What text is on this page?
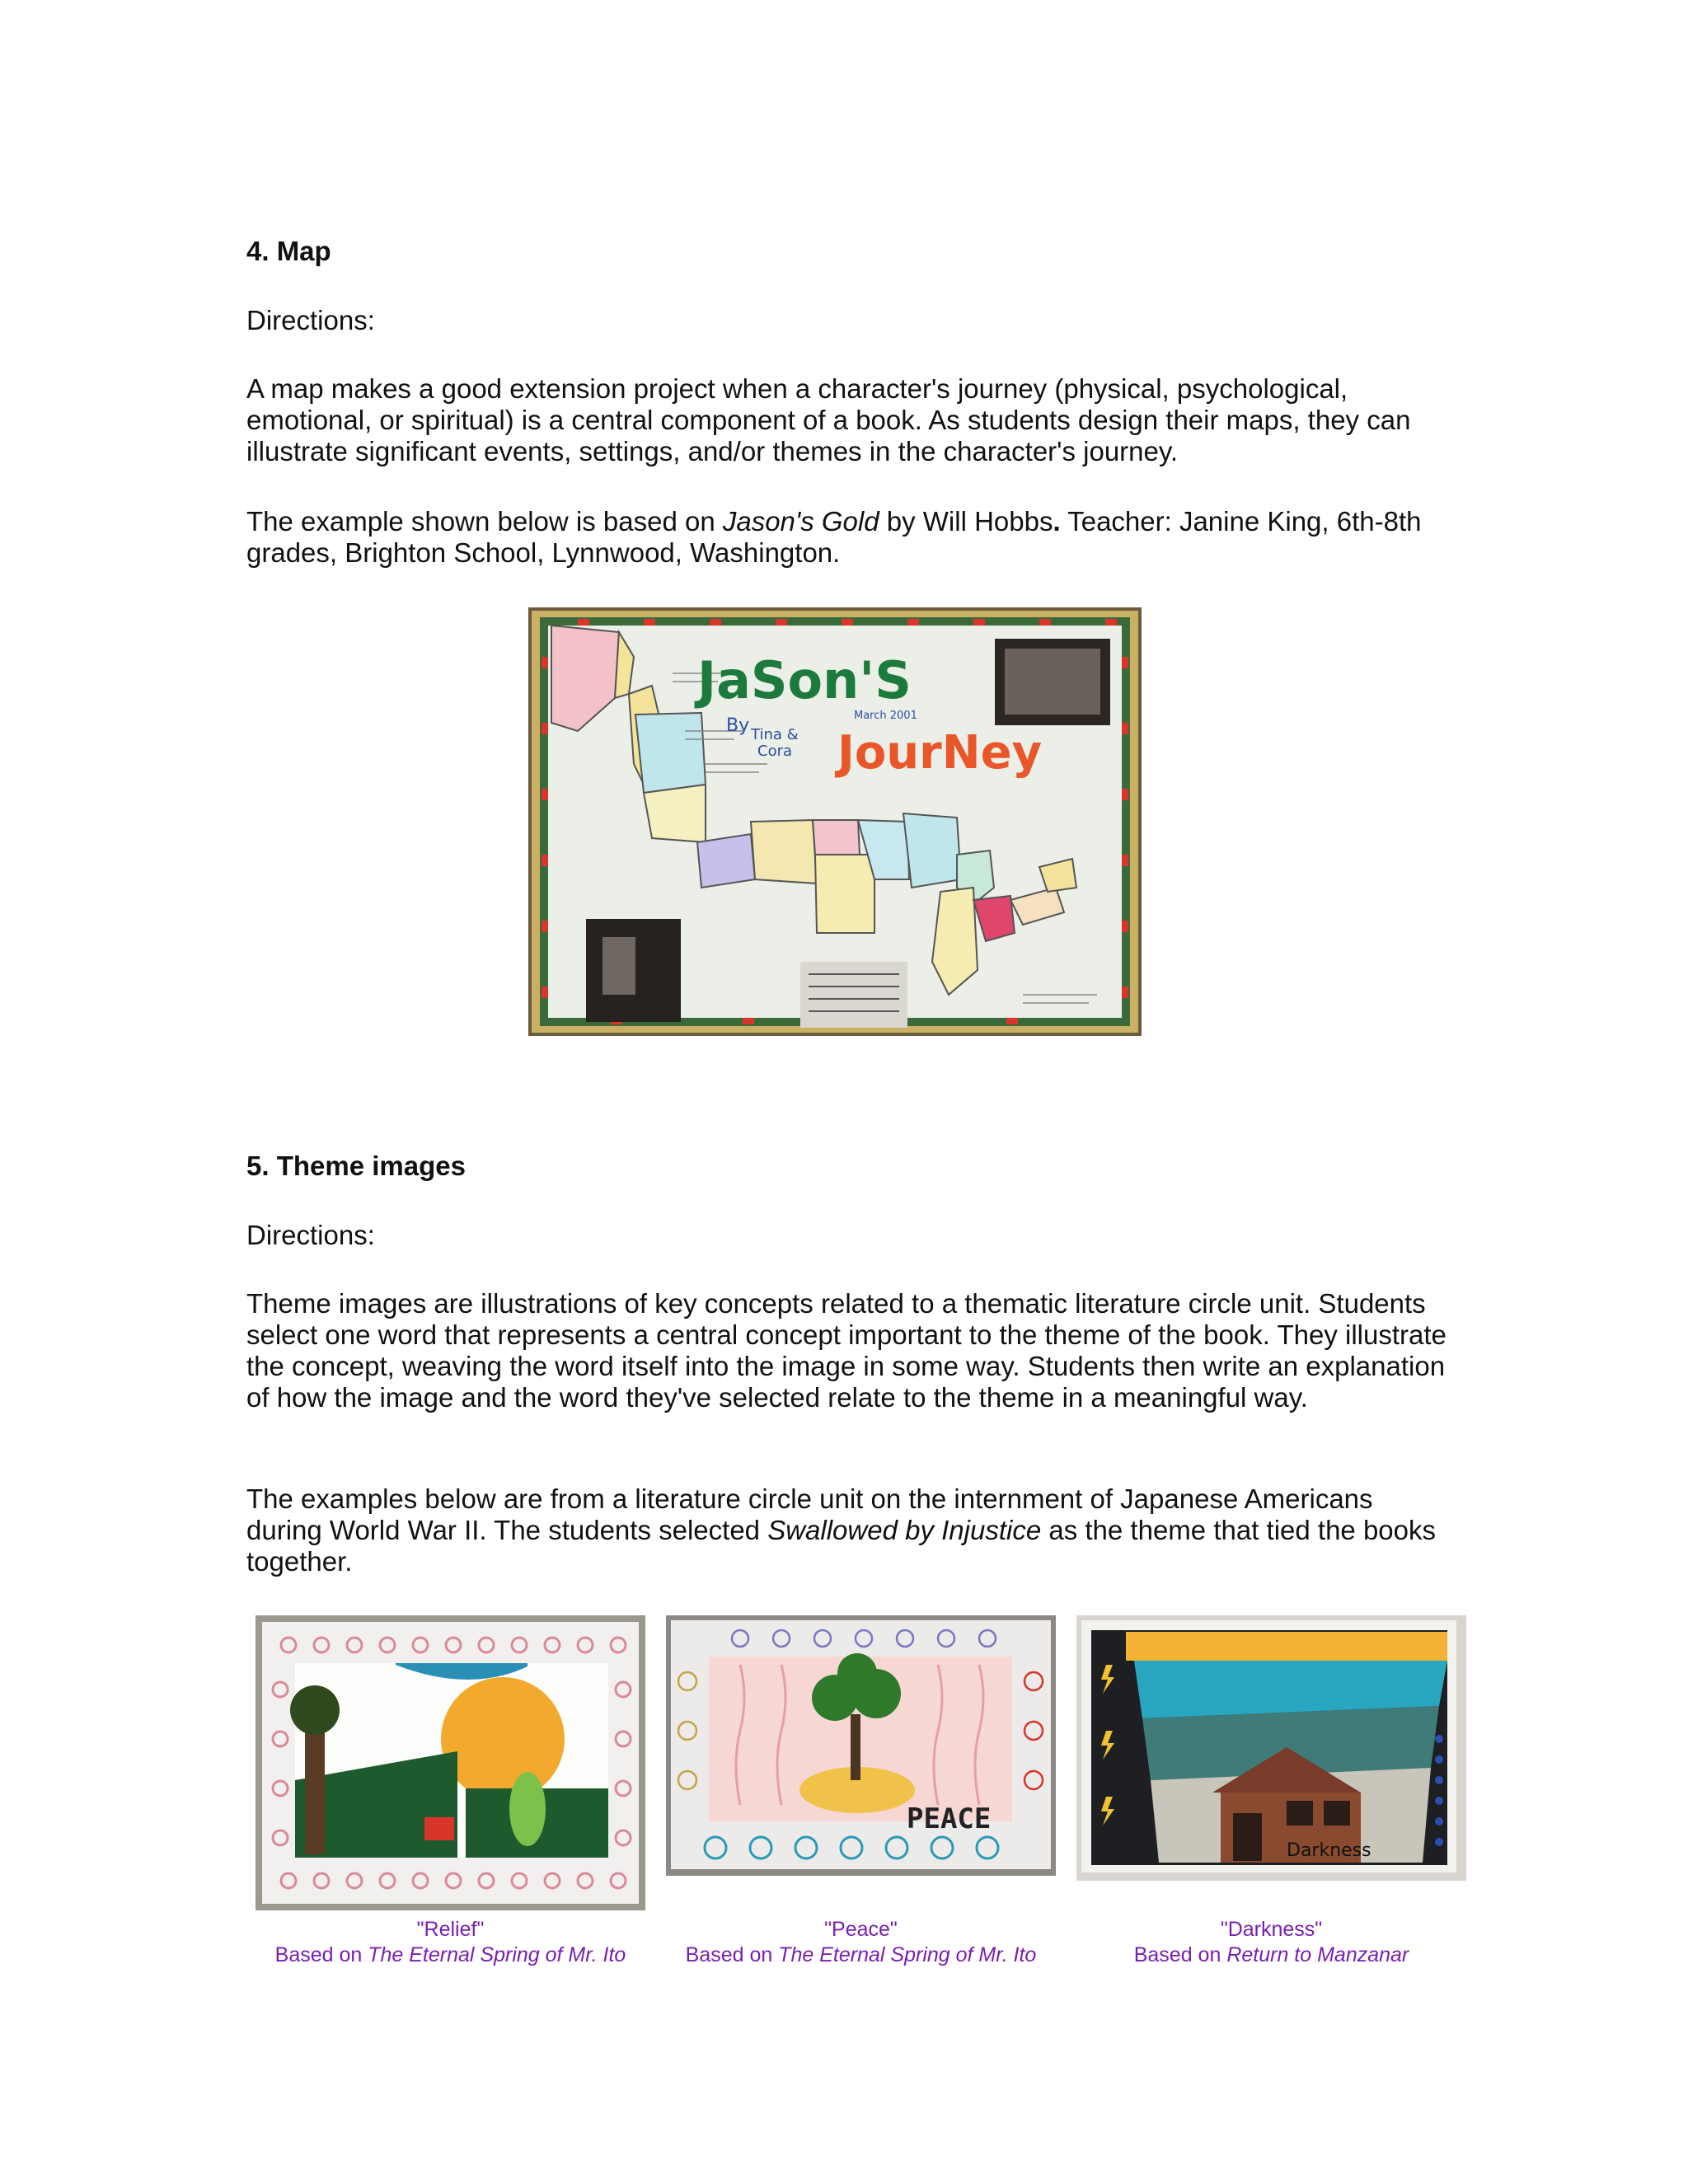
4. Map

Directions:

A map makes a good extension project when a character's journey (physical, psychological, emotional, or spiritual) is a central component of a book. As students design their maps, they can illustrate significant events, settings, and/or themes in the character's journey.

The example shown below is based on Jason's Gold by Will Hobbs. Teacher: Janine King, 6th-8th grades, Brighton School, Lynnwood, Washington.

JaSon'S
JourNey
By Tina &
Cora
March 2001
5. Theme images

Directions:

Theme images are illustrations of key concepts related to a thematic literature circle unit. Students select one word that represents a central concept important to the theme of the book. They illustrate the concept, weaving the word itself into the image in some way. Students then write an explanation of how the image and the word they've selected relate to the theme in a meaningful way.

The examples below are from a literature circle unit on the internment of Japanese Americans during World War II. The students selected Swallowed by Injustice as the theme that tied the books together.

"Relief"
Based on The Eternal Spring of Mr. Ito
PEACE
"Peace"
Based on The Eternal Spring of Mr. Ito
Darkness
"Darkness"
Based on Return to Manzanar
